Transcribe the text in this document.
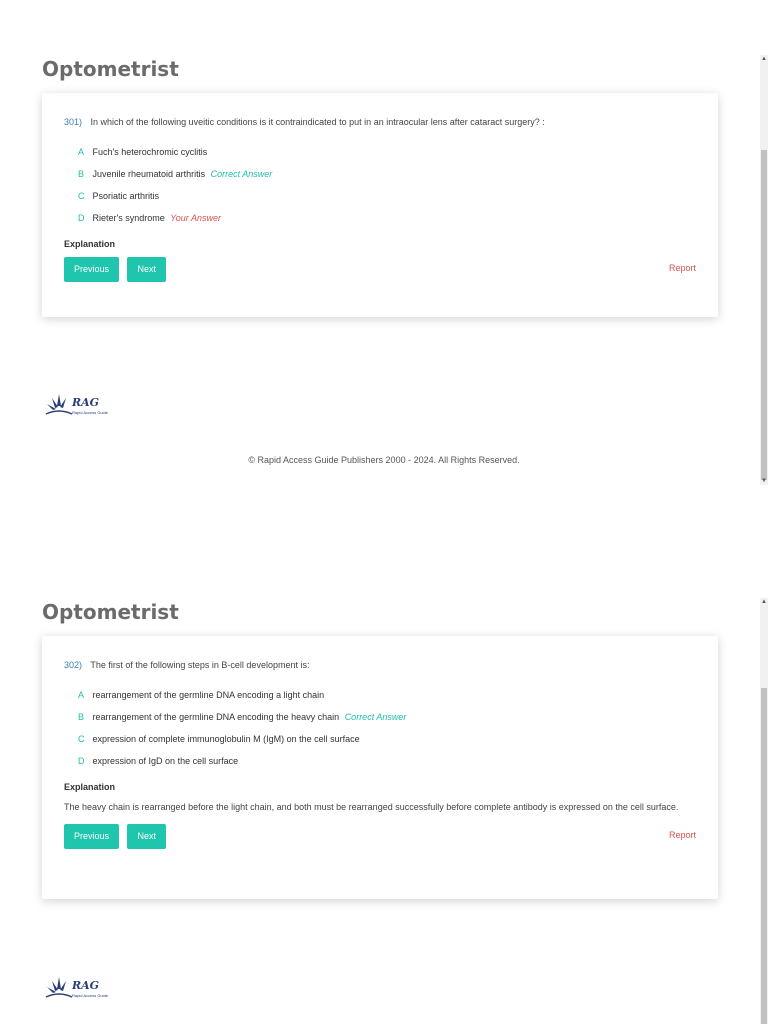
Optometrist
301) In which of the following uveitic conditions is it contraindicated to put in an intraocular lens after cataract surgery? :
A Fuch's heterochromic cyclitis
B Juvenile rheumatoid arthritis Correct Answer
C Psoriatic arthritis
D Rieter's syndrome Your Answer
Explanation
Previous	Next	Report
RAG
Rapid Access Guide
© Rapid Access Guide Publishers 2000 - 2024. All Rights Reserved.
▲
▼
Optometrist
302) The first of the following steps in B-cell development is:
A rearrangement of the germline DNA encoding a light chain
B rearrangement of the germline DNA encoding the heavy chain Correct Answer
C expression of complete immunoglobulin M (IgM) on the cell surface
D expression of IgD on the cell surface
Explanation
The heavy chain is rearranged before the light chain, and both must be rearranged successfully before complete antibody is expressed on the cell surface.
Previous	Next	Report
RAG
Rapid Access Guide
▲
